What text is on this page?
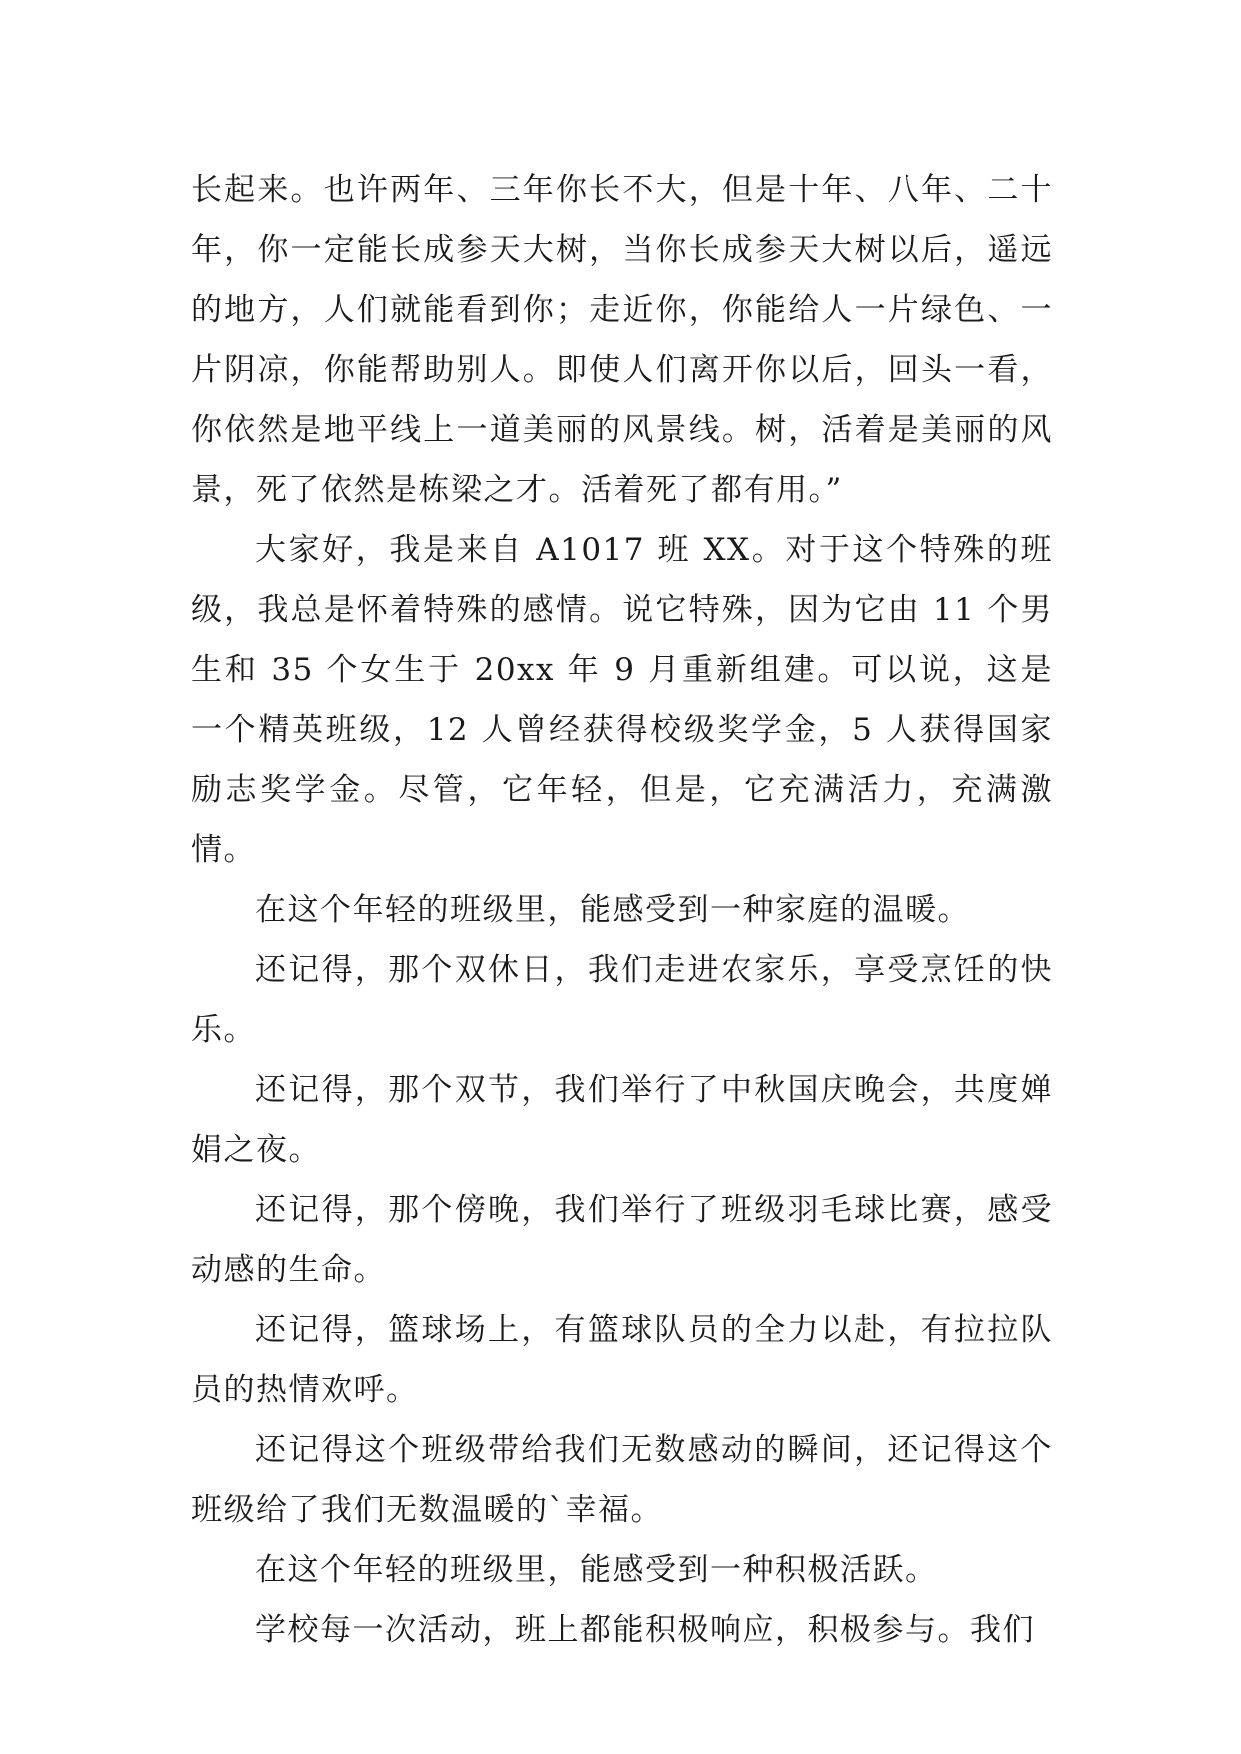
长起来。也许两年、三年你长不大，但是十年、八年、二十年，你一定能长成参天大树，当你长成参天大树以后，遥远的地方，人们就能看到你；走近你，你能给人一片绿色、一片阴凉，你能帮助别人。即使人们离开你以后，回头一看，你依然是地平线上一道美丽的风景线。树，活着是美丽的风景，死了依然是栋梁之才。活着死了都有用。”

大家好，我是来自 A1017 班 XX。对于这个特殊的班级，我总是怀着特殊的感情。说它特殊，因为它由 11 个男生和 35 个女生于 20xx 年 9 月重新组建。可以说，这是一个精英班级，12 人曾经获得校级奖学金，5 人获得国家励志奖学金。尽管，它年轻，但是，它充满活力，充满激情。

在这个年轻的班级里，能感受到一种家庭的温暖。

还记得，那个双休日，我们走进农家乐，享受烹饪的快乐。

还记得，那个双节，我们举行了中秋国庆晚会，共度婵娟之夜。

还记得，那个傍晚，我们举行了班级羽毛球比赛，感受动感的生命。

还记得，篮球场上，有篮球队员的全力以赴，有拉拉队员的热情欢呼。

还记得这个班级带给我们无数感动的瞬间，还记得这个班级给了我们无数温暖的`幸福。

在这个年轻的班级里，能感受到一种积极活跃。

学校每一次活动，班上都能积极响应，积极参与。我们
